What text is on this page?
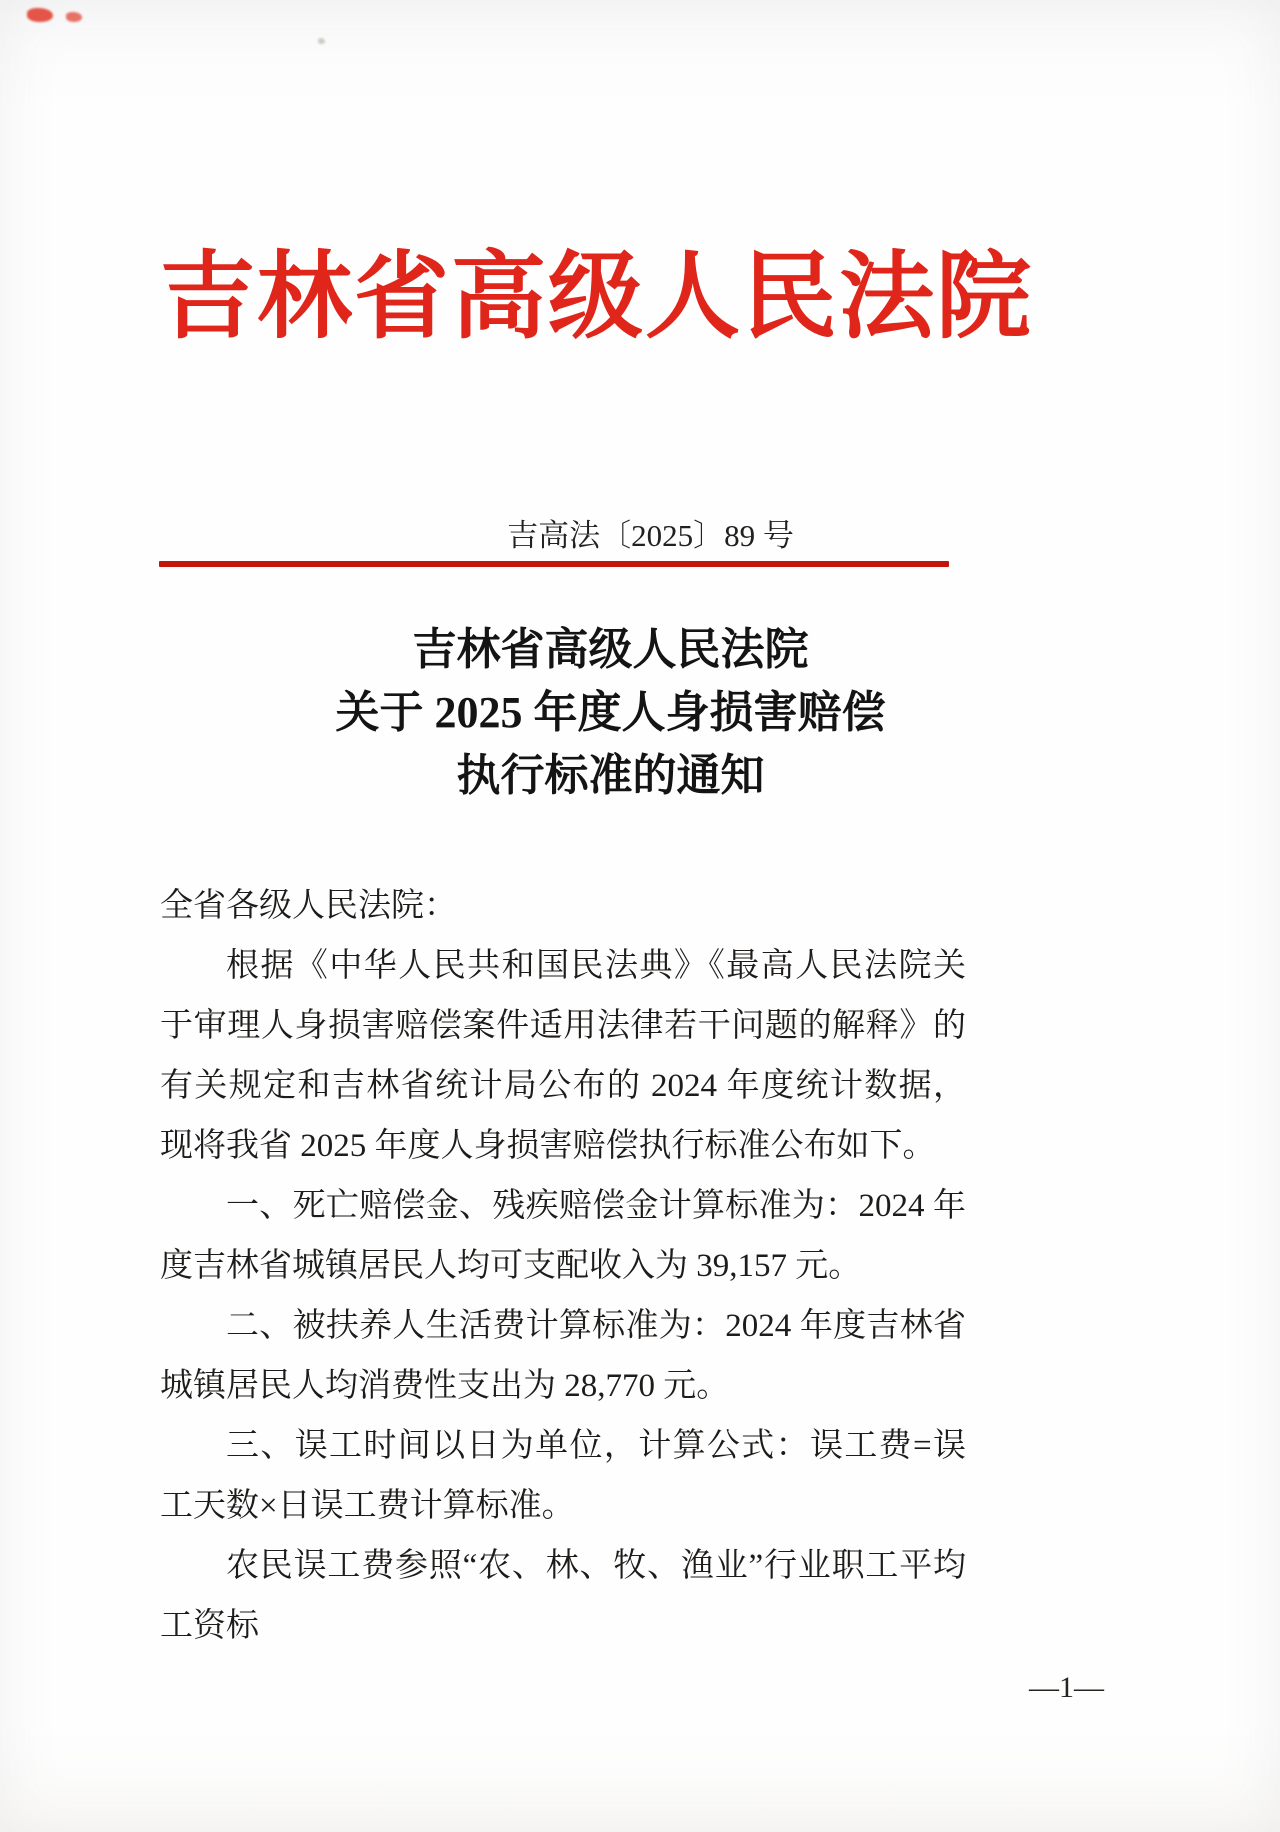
吉林省高级人民法院
吉高法〔2025〕89 号
吉林省高级人民法院
关于 2025 年度人身损害赔偿
执行标准的通知

全省各级人民法院：

根据《中华人民共和国民法典》《最高人民法院关于审理人身损害赔偿案件适用法律若干问题的解释》的有关规定和吉林省统计局公布的 2024 年度统计数据，现将我省 2025 年度人身损害赔偿执行标准公布如下。

一、死亡赔偿金、残疾赔偿金计算标准为：2024 年度吉林省城镇居民人均可支配收入为 39,157 元。

二、被扶养人生活费计算标准为：2024 年度吉林省城镇居民人均消费性支出为 28,770 元。

三、误工时间以日为单位，计算公式：误工费=误工天数×日误工费计算标准。

农民误工费参照“农、林、牧、渔业”行业职工平均工资标

—1—
